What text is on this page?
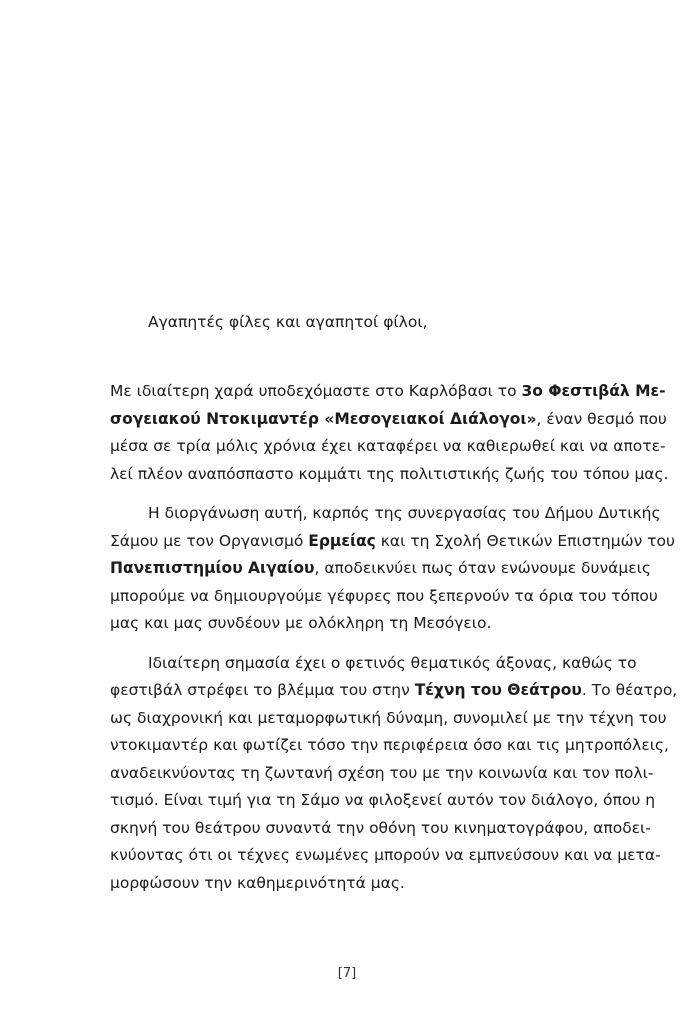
Αγαπητές φίλες και αγαπητοί φίλοι,
Με ιδιαίτερη χαρά υποδεχόμαστε στο Καρλόβασι το 3ο Φεστιβάλ Με-
σογειακού Ντοκιμαντέρ «Μεσογειακοί Διάλογοι», έναν θεσμό που
μέσα σε τρία μόλις χρόνια έχει καταφέρει να καθιερωθεί και να αποτε-
λεί πλέον αναπόσπαστο κομμάτι της πολιτιστικής ζωής του τόπου μας.
Η διοργάνωση αυτή, καρπός της συνεργασίας του Δήμου Δυτικής
Σάμου με τον Οργανισμό Ερμείας και τη Σχολή Θετικών Επιστημών του
Πανεπιστημίου Αιγαίου, αποδεικνύει πως όταν ενώνουμε δυνάμεις
μπορούμε να δημιουργούμε γέφυρες που ξεπερνούν τα όρια του τόπου
μας και μας συνδέουν με ολόκληρη τη Μεσόγειο.
Ιδιαίτερη σημασία έχει ο φετινός θεματικός άξονας, καθώς το
φεστιβάλ στρέφει το βλέμμα του στην Τέχνη του Θεάτρου. Το θέατρο,
ως διαχρονική και μεταμορφωτική δύναμη, συνομιλεί με την τέχνη του
ντοκιμαντέρ και φωτίζει τόσο την περιφέρεια όσο και τις μητροπόλεις,
αναδεικνύοντας τη ζωντανή σχέση του με την κοινωνία και τον πολι-
τισμό. Είναι τιμή για τη Σάμο να φιλοξενεί αυτόν τον διάλογο, όπου η
σκηνή του θεάτρου συναντά την οθόνη του κινηματογράφου, αποδει-
κνύοντας ότι οι τέχνες ενωμένες μπορούν να εμπνεύσουν και να μετα-
μορφώσουν την καθημερινότητά μας.
[7]
